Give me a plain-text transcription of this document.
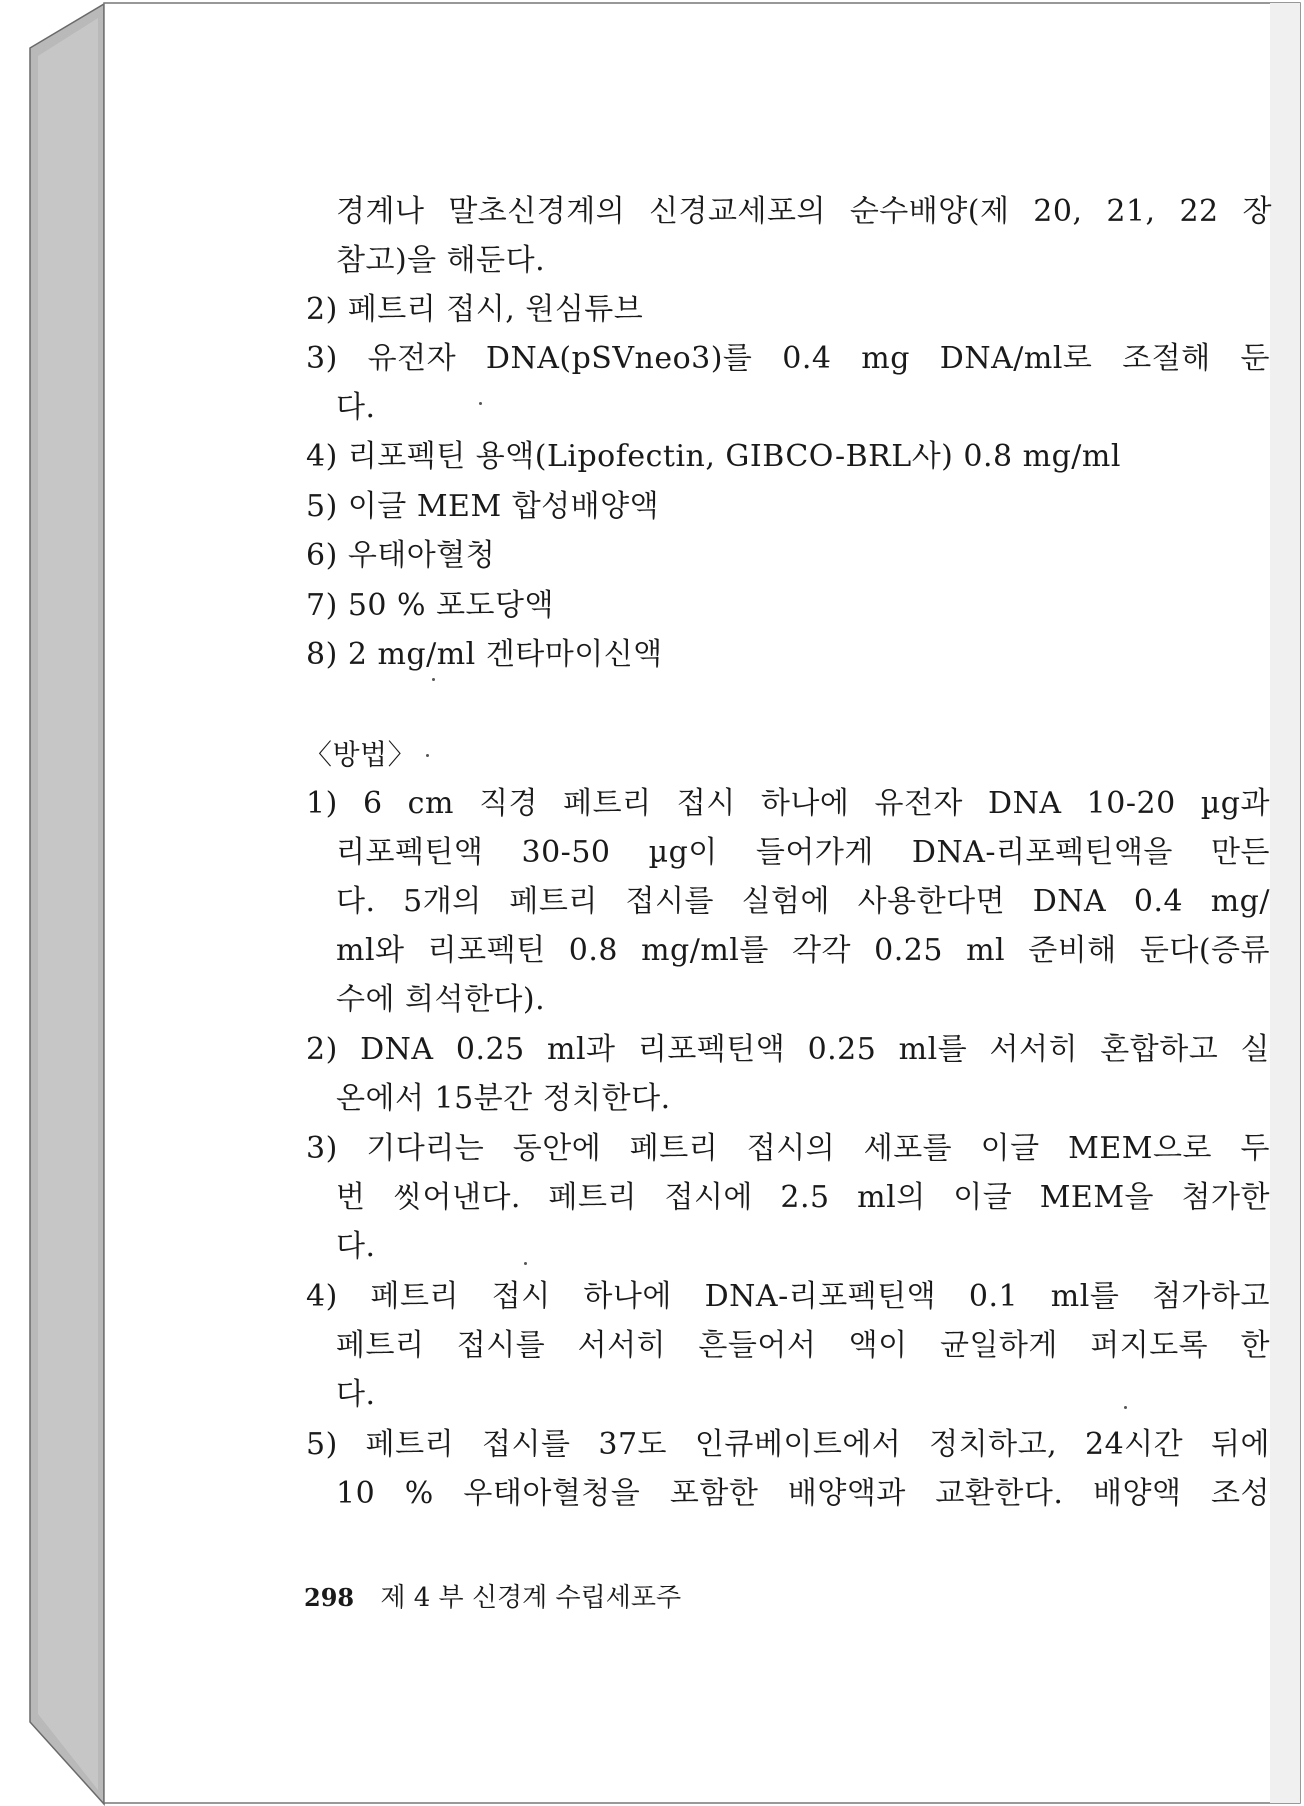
경계나 말초신경계의 신경교세포의 순수배양(제 20, 21, 22 장
참고)을 해둔다.
2) 페트리 접시, 원심튜브
3) 유전자 DNA(pSVneo3)를 0.4 mg DNA/ml로 조절해 둔
다.
4) 리포펙틴 용액(Lipofectin, GIBCO-BRL사) 0.8 mg/ml
5) 이글 MEM 합성배양액
6) 우태아혈청
7) 50 % 포도당액
8) 2 mg/ml 겐타마이신액
〈방법〉
1) 6 cm 직경 페트리 접시 하나에 유전자 DNA 10-20 µg과
리포펙틴액 30-50 µg이 들어가게 DNA-리포펙틴액을 만든
다. 5개의 페트리 접시를 실험에 사용한다면 DNA 0.4 mg/
ml와 리포펙틴 0.8 mg/ml를 각각 0.25 ml 준비해 둔다(증류
수에 희석한다).
2) DNA 0.25 ml과 리포펙틴액 0.25 ml를 서서히 혼합하고 실
온에서 15분간 정치한다.
3) 기다리는 동안에 페트리 접시의 세포를 이글 MEM으로 두
번 씻어낸다. 페트리 접시에 2.5 ml의 이글 MEM을 첨가한
다.
4) 페트리 접시 하나에 DNA-리포펙틴액 0.1 ml를 첨가하고
페트리 접시를 서서히 흔들어서 액이 균일하게 퍼지도록 한
다.
5) 페트리 접시를 37도 인큐베이트에서 정치하고, 24시간 뒤에
10 % 우태아혈청을 포함한 배양액과 교환한다. 배양액 조성
298 제 4 부 신경계 수립세포주
